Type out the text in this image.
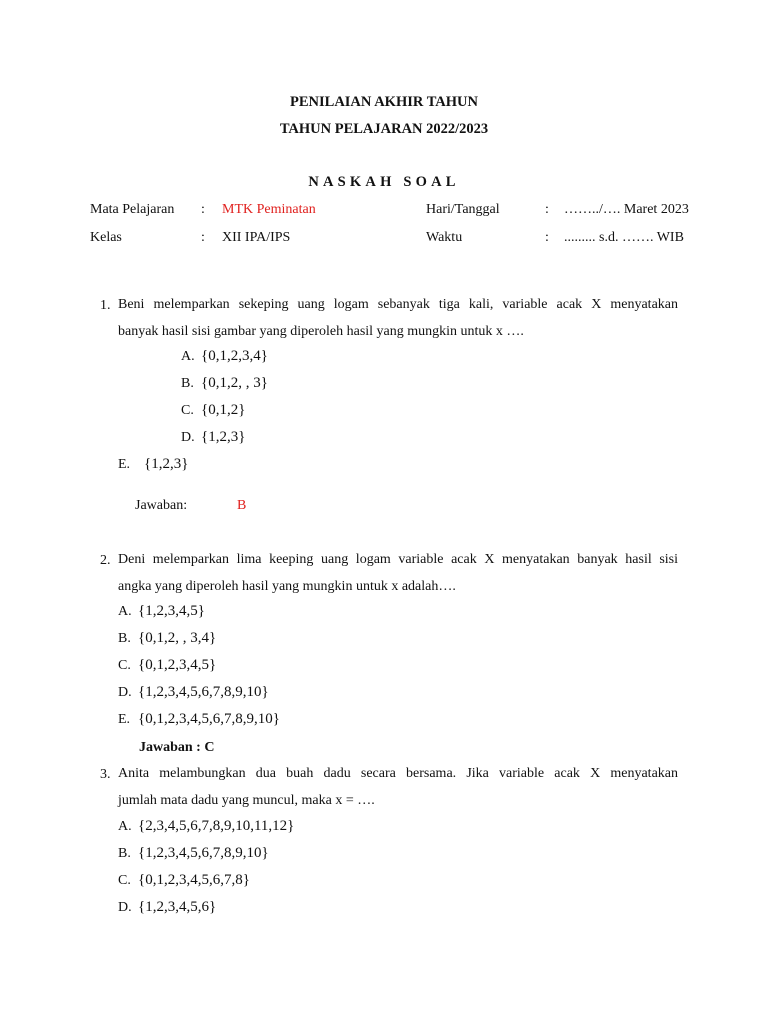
PENILAIAN AKHIR TAHUN
TAHUN PELAJARAN 2022/2023
NASKAH SOAL
Mata Pelajaran : MTK Peminatan	Hari/Tanggal	: ……../…. Maret 2023
Kelas	: XII IPA/IPS	Waktu	: ......... s.d. ……. WIB
1. Beni melemparkan sekeping uang logam sebanyak tiga kali, variable acak X menyatakan
banyak hasil sisi gambar yang diperoleh hasil yang mungkin untuk x ….
A. {0,1,2,3,4}
B. {0,1,2, , 3}
C. {0,1,2}
D. {1,2,3}
E. {1,2,3}
Jawaban:	B
2. Deni melemparkan lima keeping uang logam variable acak X menyatakan banyak hasil sisi
angka yang diperoleh hasil yang mungkin untuk x adalah….
A. {1,2,3,4,5}
B. {0,1,2, , 3,4}
C. {0,1,2,3,4,5}
D. {1,2,3,4,5,6,7,8,9,10}
E. {0,1,2,3,4,5,6,7,8,9,10}
Jawaban : C
3. Anita melambungkan dua buah dadu secara bersama. Jika variable acak X menyatakan
jumlah mata dadu yang muncul, maka x = ….
A. {2,3,4,5,6,7,8,9,10,11,12}
B. {1,2,3,4,5,6,7,8,9,10}
C. {0,1,2,3,4,5,6,7,8}
D. {1,2,3,4,5,6}
